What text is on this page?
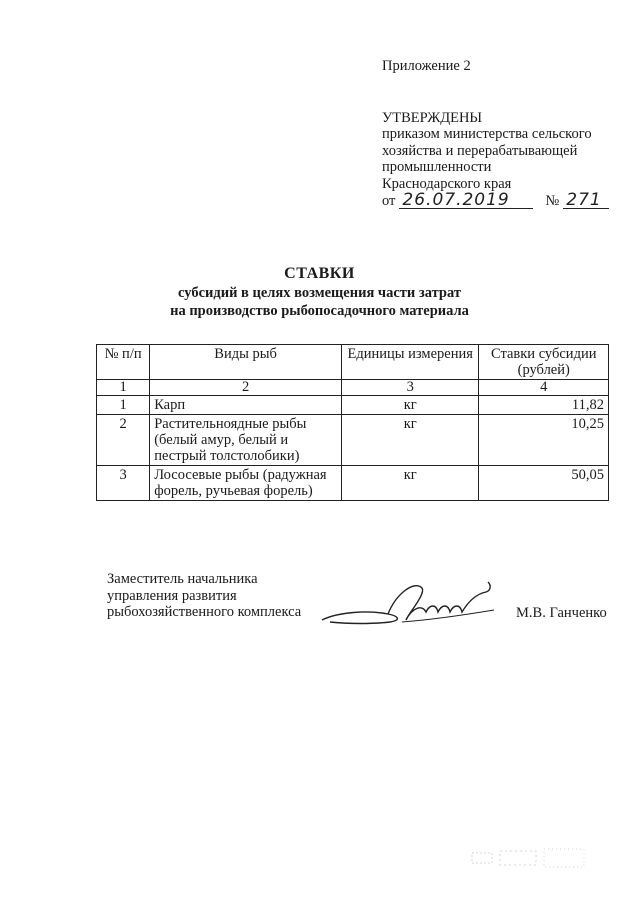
Приложение 2
УТВЕРЖДЕНЫ
приказом министерства сельского
хозяйства и перерабатывающей
промышленности
Краснодарского края
от 26.07.2019	№ 271
СТАВКИ
субсидий в целях возмещения части затрат
на производство рыбопосадочного материала
№ п/п	Виды рыб	Единицы измерения	Ставки субсидии (рублей)
1	2	3	4
1	Карп	кг	11,82
2	Растительноядные рыбы (белый амур, белый и пестрый толстолобики)	кг	10,25
3	Лососевые рыбы (радужная форель, ручьевая форель)	кг	50,05
Заместитель начальника
управления развития
рыбохозяйственного комплекса	М.В. Ганченко
